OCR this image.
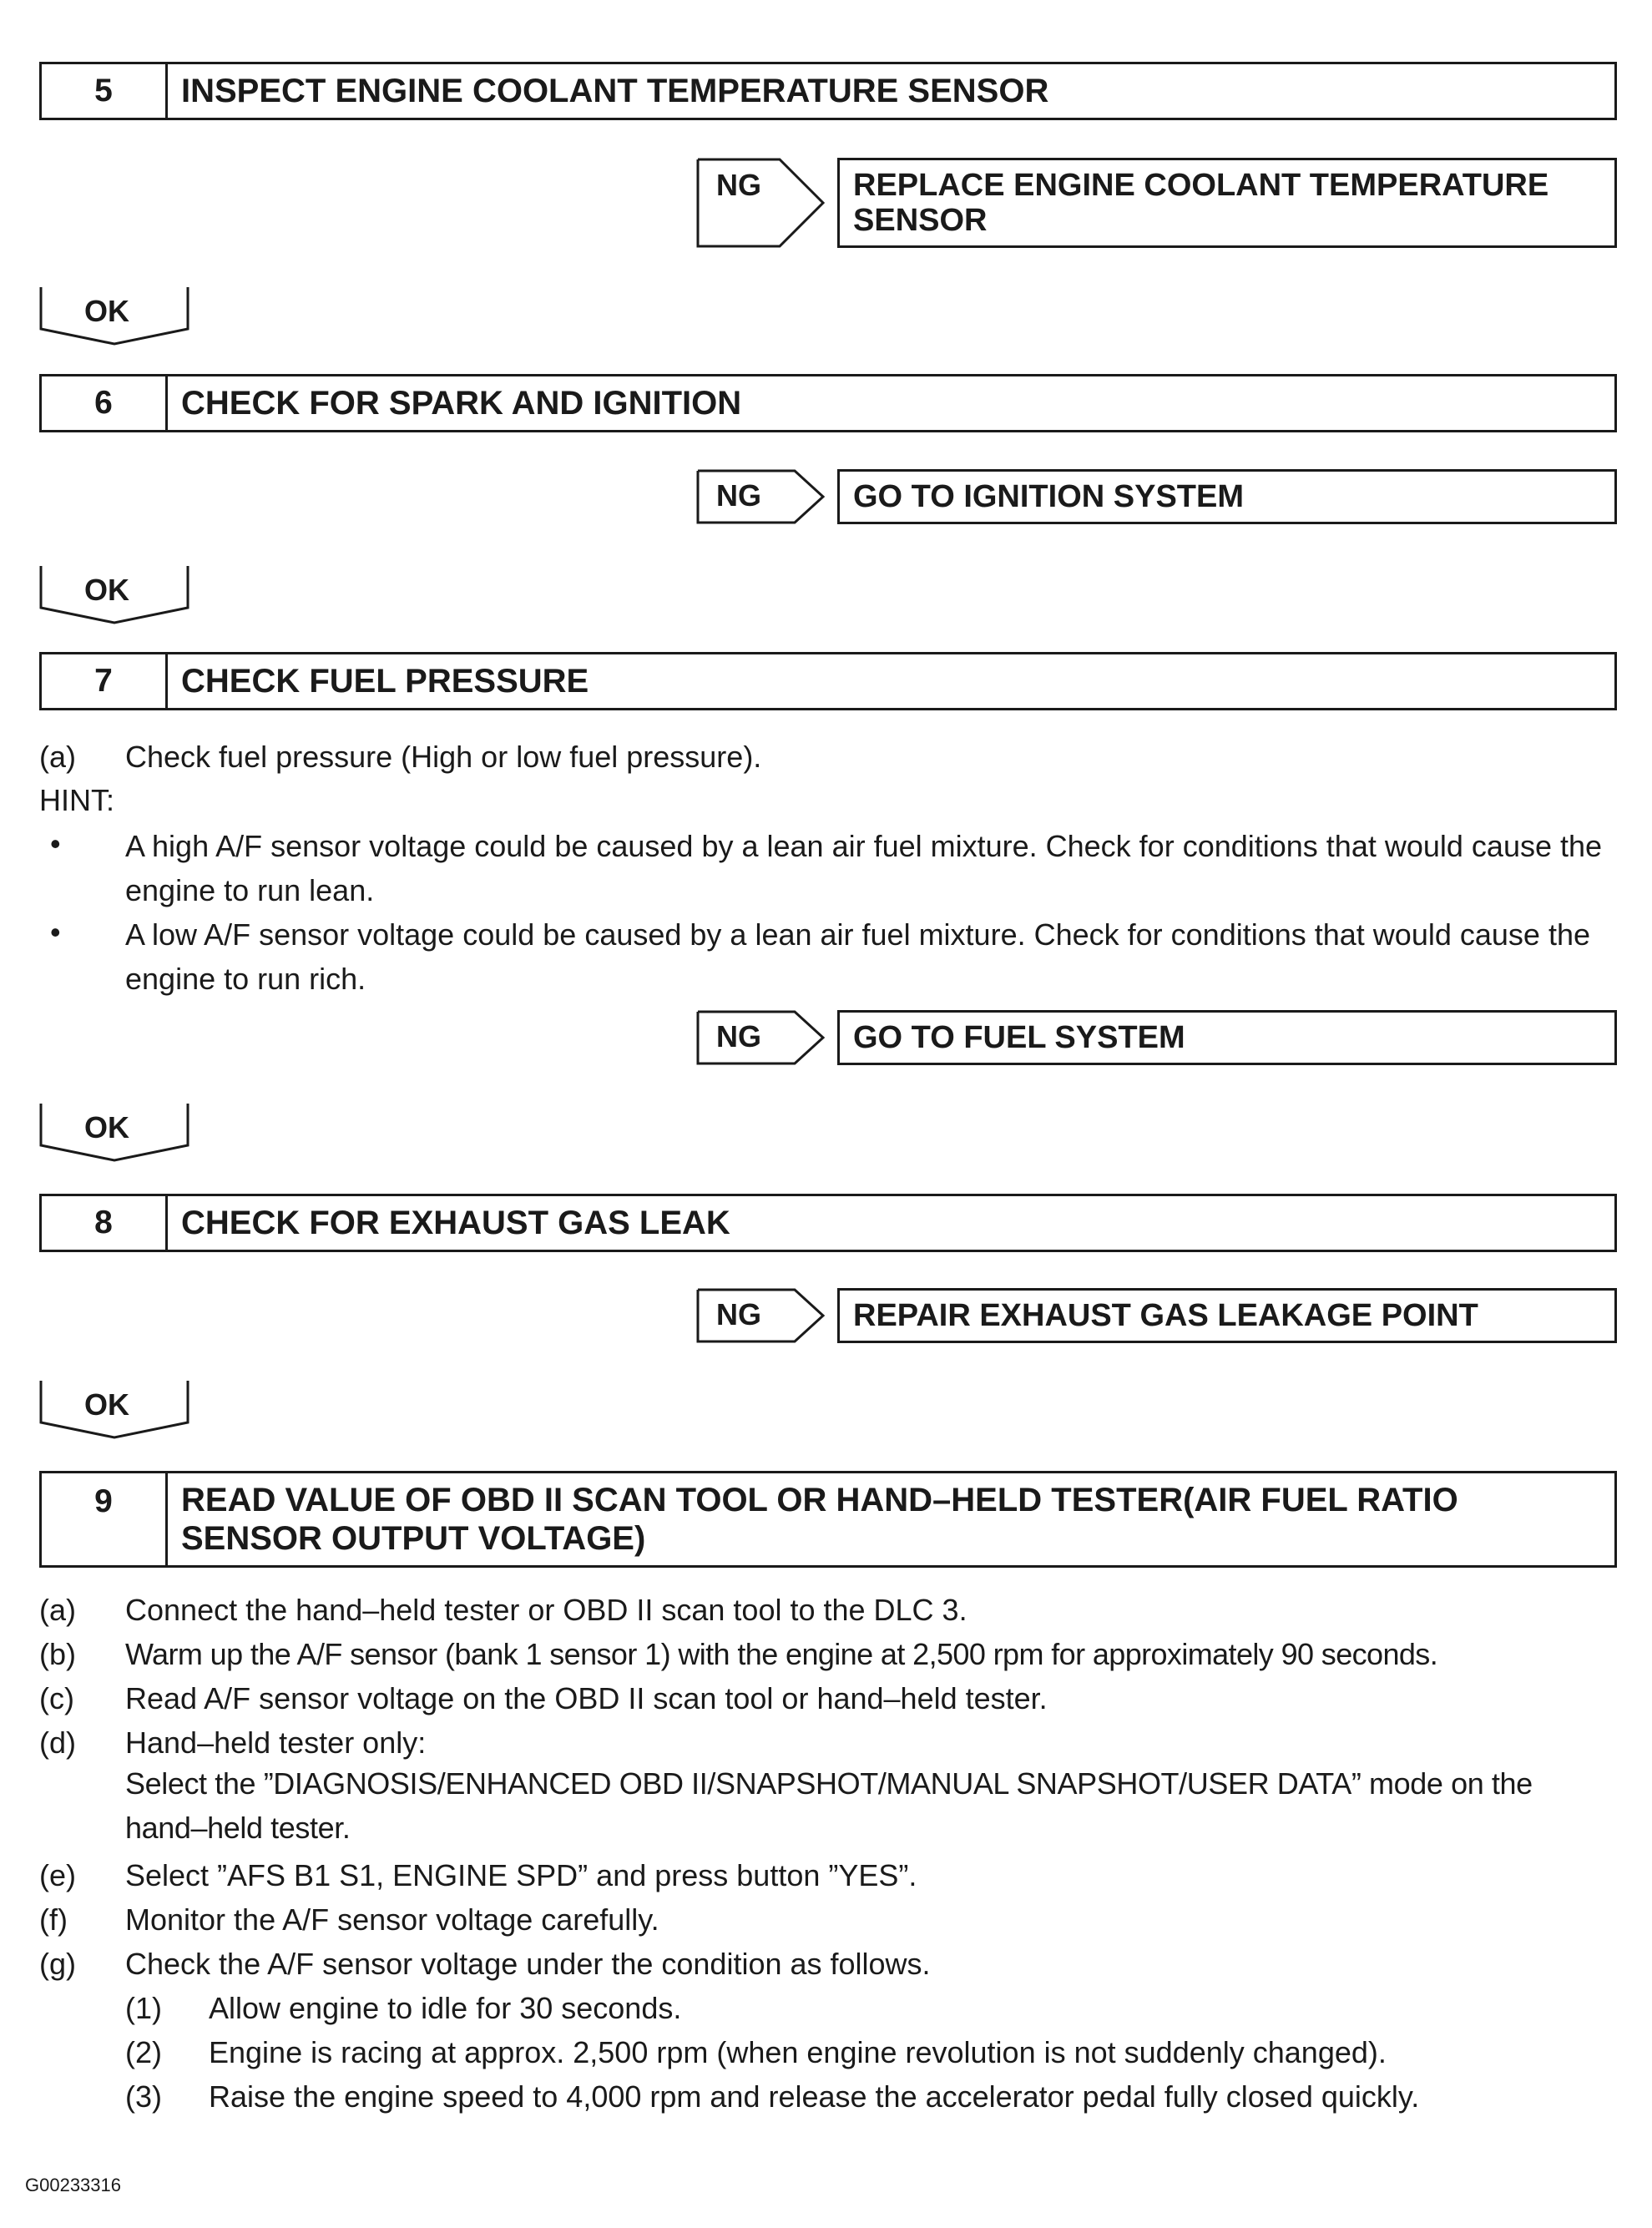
5	INSPECT ENGINE COOLANT TEMPERATURE SENSOR
NG	REPLACE ENGINE COOLANT TEMPERATURE SENSOR
OK
6	CHECK FOR SPARK AND IGNITION
NG	GO TO IGNITION SYSTEM
OK
7	CHECK FUEL PRESSURE
(a) Check fuel pressure (High or low fuel pressure).
HINT:
• A high A/F sensor voltage could be caused by a lean air fuel mixture. Check for conditions that would cause the engine to run lean.
• A low A/F sensor voltage could be caused by a lean air fuel mixture. Check for conditions that would cause the engine to run rich.
NG	GO TO FUEL SYSTEM
OK
8	CHECK FOR EXHAUST GAS LEAK
NG	REPAIR EXHAUST GAS LEAKAGE POINT
OK
9	READ VALUE OF OBD II SCAN TOOL OR HAND–HELD TESTER(AIR FUEL RATIO SENSOR OUTPUT VOLTAGE)
(a) Connect the hand–held tester or OBD II scan tool to the DLC 3.
(b) Warm up the A/F sensor (bank 1 sensor 1) with the engine at 2,500 rpm for approximately 90 seconds.
(c) Read A/F sensor voltage on the OBD II scan tool or hand–held tester.
(d) Hand–held tester only:
Select the ”DIAGNOSIS/ENHANCED OBD II/SNAPSHOT/MANUAL SNAPSHOT/USER DATA” mode on the hand–held tester.
(e) Select ”AFS B1 S1, ENGINE SPD” and press button ”YES”.
(f) Monitor the A/F sensor voltage carefully.
(g) Check the A/F sensor voltage under the condition as follows.
(1) Allow engine to idle for 30 seconds.
(2) Engine is racing at approx. 2,500 rpm (when engine revolution is not suddenly changed).
(3) Raise the engine speed to 4,000 rpm and release the accelerator pedal fully closed quickly.
G00233316
